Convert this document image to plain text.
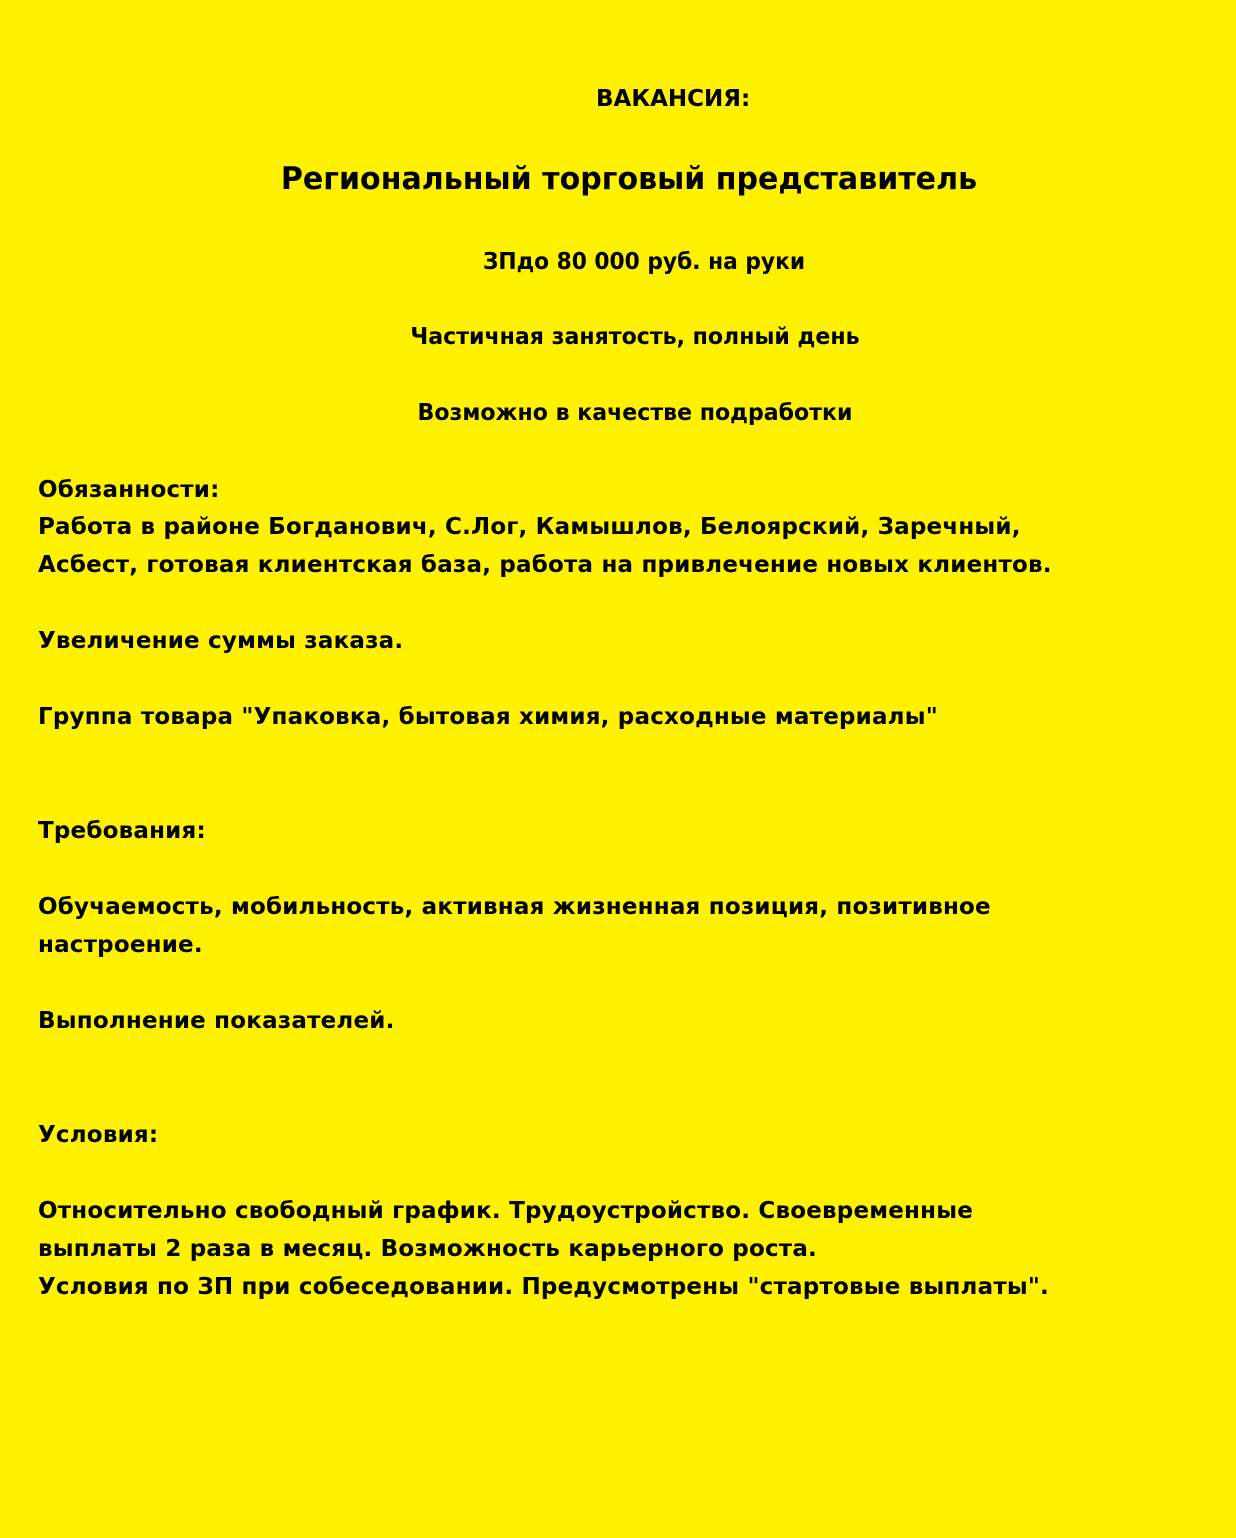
ВАКАНСИЯ:
Региональный торговый представитель
ЗПдо 80 000 руб. на руки
Частичная занятость, полный день
Возможно в качестве подработки
Обязанности:
Работа в районе Богданович, С.Лог, Камышлов, Белоярский, Заречный,
Асбест, готовая клиентская база, работа на привлечение новых клиентов.
Увеличение суммы заказа.
Группа товара "Упаковка, бытовая химия, расходные материалы"
Требования:
Обучаемость, мобильность, активная жизненная позиция, позитивное
настроение.
Выполнение показателей.
Условия:
Относительно свободный график. Трудоустройство. Своевременные
выплаты 2 раза в месяц. Возможность карьерного роста.
Условия по ЗП при собеседовании. Предусмотрены "стартовые выплаты".
